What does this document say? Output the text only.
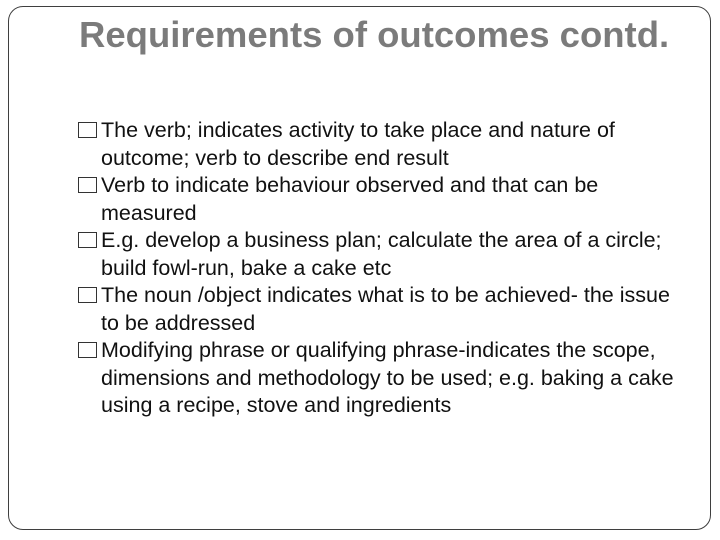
Requirements of outcomes contd.
The verb; indicates activity to take place and nature of outcome; verb to describe end result
Verb to indicate behaviour observed and that can be measured
E.g. develop a business plan; calculate the area of a circle; build fowl-run, bake a cake etc
The noun /object indicates what is to be achieved- the issue to be addressed
Modifying phrase or qualifying phrase-indicates the scope, dimensions and methodology to be used; e.g. baking a cake using a recipe, stove and ingredients
